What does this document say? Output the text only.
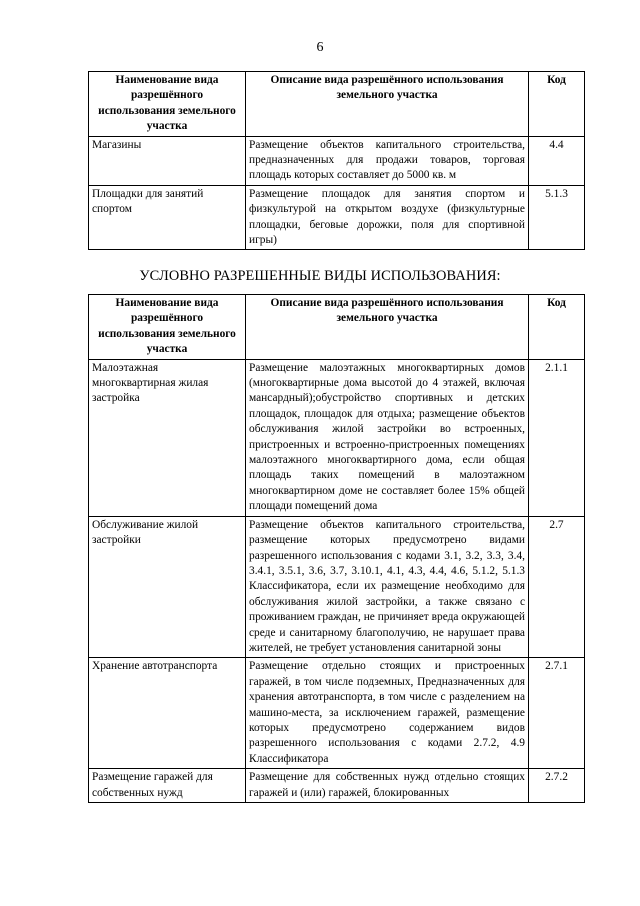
6
Наименование вида разрешённого использования земельного участка	Описание вида разрешённого использования земельного участка	Код
Магазины	Размещение объектов капитального строительства, предназначенных для продажи товаров, торговая площадь которых составляет до 5000 кв. м	4.4
Площадки для занятий спортом	Размещение площадок для занятия спортом и физкультурой на открытом воздухе (физкультурные площадки, беговые дорожки, поля для спортивной игры)	5.1.3
УСЛОВНО РАЗРЕШЕННЫЕ ВИДЫ ИСПОЛЬЗОВАНИЯ:
Наименование вида разрешённого использования земельного участка	Описание вида разрешённого использования земельного участка	Код
Малоэтажная многоквартирная жилая застройка	Размещение малоэтажных многоквартирных домов (многоквартирные дома высотой до 4 этажей, включая мансардный);обустройство спортивных и детских площадок, площадок для отдыха; размещение объектов обслуживания жилой застройки во встроенных, пристроенных и встроенно-пристроенных помещениях малоэтажного многоквартирного дома, если общая площадь таких помещений в малоэтажном многоквартирном доме не составляет более 15% общей площади помещений дома	2.1.1
Обслуживание жилой застройки	Размещение объектов капитального строительства, размещение которых предусмотрено видами разрешенного использования с кодами 3.1, 3.2, 3.3, 3.4, 3.4.1, 3.5.1, 3.6, 3.7, 3.10.1, 4.1, 4.3, 4.4, 4.6, 5.1.2, 5.1.3 Классификатора, если их размещение необходимо для обслуживания жилой застройки, а также связано с проживанием граждан, не причиняет вреда окружающей среде и санитарному благополучию, не нарушает права жителей, не требует установления санитарной зоны	2.7
Хранение автотранспорта	Размещение отдельно стоящих и пристроенных гаражей, в том числе подземных, Предназначенных для хранения автотранспорта, в том числе с разделением на машино-места, за исключением гаражей, размещение которых предусмотрено содержанием видов разрешенного использования с кодами 2.7.2, 4.9 Классификатора	2.7.1
Размещение гаражей для собственных нужд	Размещение для собственных нужд отдельно стоящих гаражей и (или) гаражей, блокированных	2.7.2
